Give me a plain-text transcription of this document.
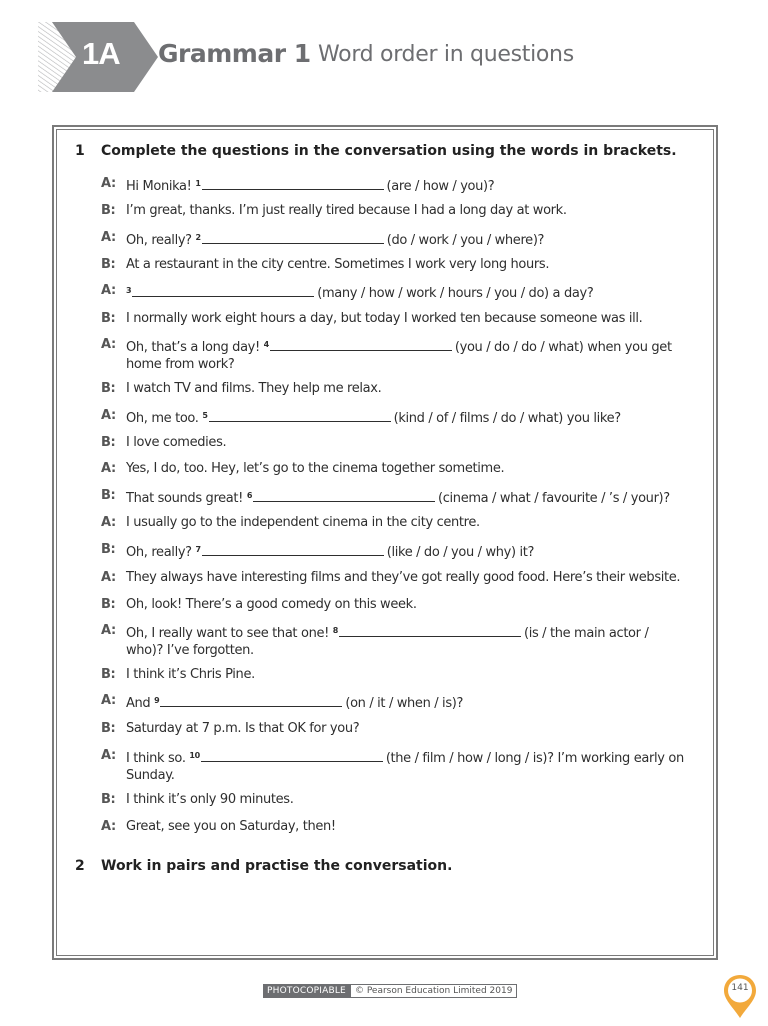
1A	Grammar 1 Word order in questions
1 Complete the questions in the conversation using the words in brackets.
A: Hi Monika! $^1$	(are / how / you)?
B: I’m great, thanks. I’m just really tired because I had a long day at work.
A: Oh, really? $^2$	(do / work / you / where)?
B: At a restaurant in the city centre. Sometimes I work very long hours.
A: $^3$	(many / how / work / hours / you / do) a day?
B: I normally work eight hours a day, but today I worked ten because someone was ill.
A: Oh, that’s a long day! $^4$	(you / do / do / what) when you get home from work?
B: I watch TV and films. They help me relax.
A: Oh, me too. $^5$	(kind / of / films / do / what) you like?
B: I love comedies.
A: Yes, I do, too. Hey, let’s go to the cinema together sometime.
B: That sounds great! $^6$	(cinema / what / favourite / ’s / your)?
A: I usually go to the independent cinema in the city centre.
B: Oh, really? $^7$	(like / do / you / why) it?
A: They always have interesting films and they’ve got really good food. Here’s their website.
B: Oh, look! There’s a good comedy on this week.
A: Oh, I really want to see that one! $^8$	(is / the main actor / who)? I’ve forgotten.
B: I think it’s Chris Pine.
A: And $^9$	(on / it / when / is)?
B: Saturday at 7 p.m. Is that OK for you?
A: I think so. $^{10}$	(the / film / how / long / is)? I’m working early on Sunday.
B: I think it’s only 90 minutes.
A: Great, see you on Saturday, then!
2 Work in pairs and practise the conversation.
PHOTOCOPIABLE	© Pearson Education Limited 2019	141
